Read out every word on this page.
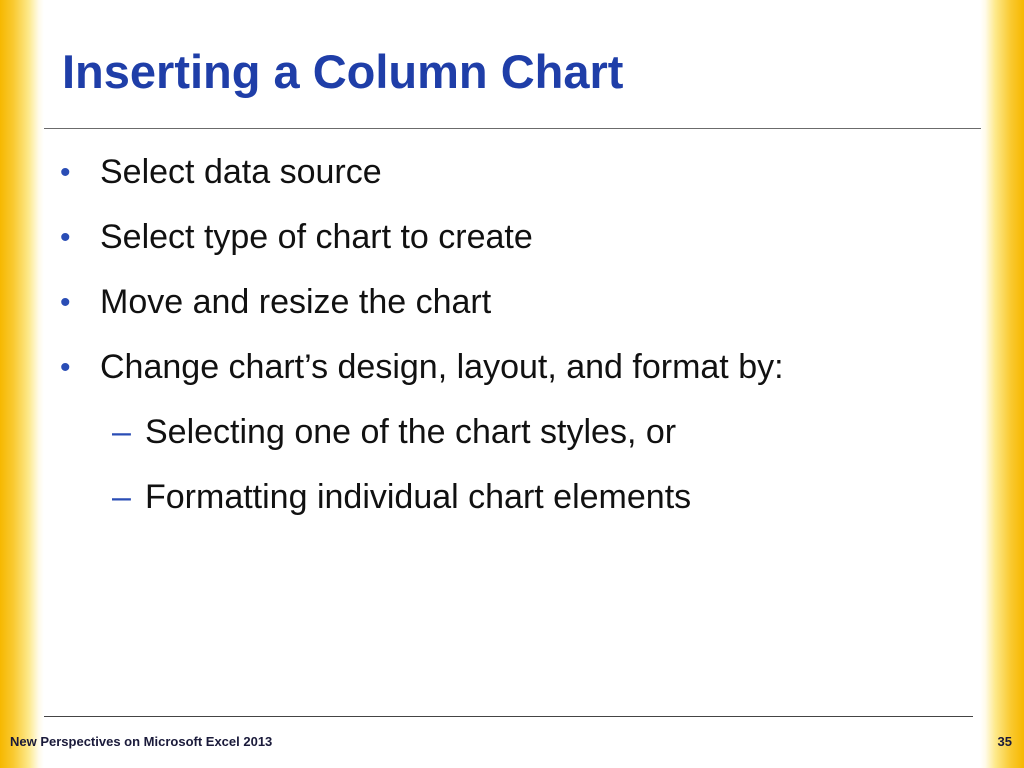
Inserting a Column Chart
• Select data source
• Select type of chart to create
• Move and resize the chart
• Change chart’s design, layout, and format by:
– Selecting one of the chart styles, or
– Formatting individual chart elements
New Perspectives on Microsoft Excel 2013	35
